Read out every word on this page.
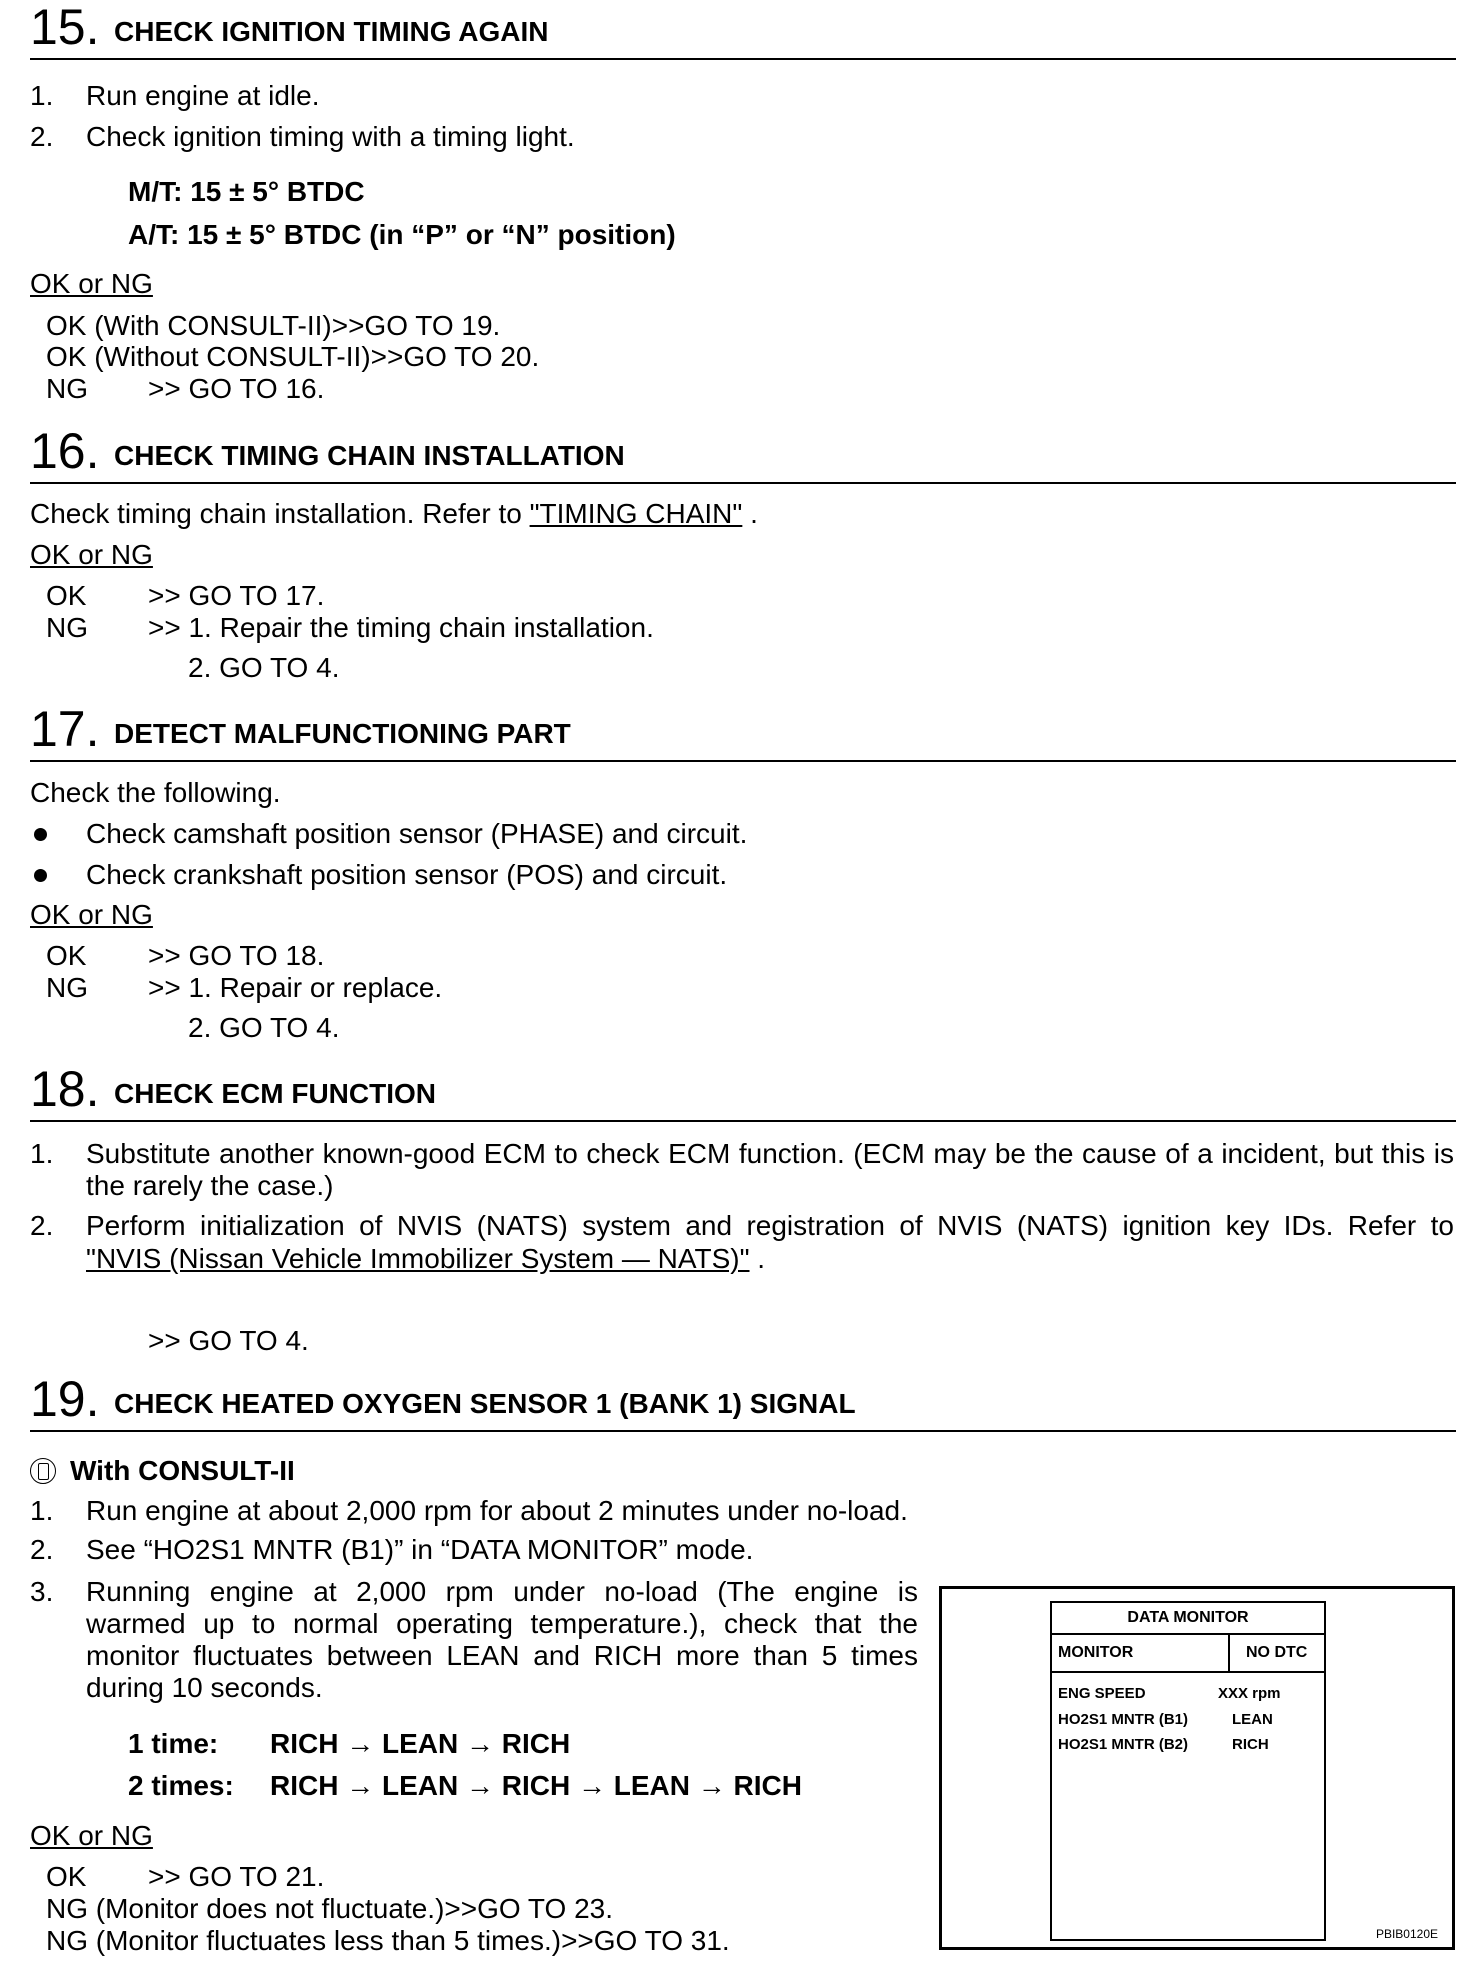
15. CHECK IGNITION TIMING AGAIN
1. Run engine at idle.
2. Check ignition timing with a timing light.
M/T: 15 ± 5° BTDC
A/T: 15 ± 5° BTDC (in “P” or “N” position)
OK or NG
OK (With CONSULT-II)>>GO TO 19.
OK (Without CONSULT-II)>>GO TO 20.
NG >> GO TO 16.
16. CHECK TIMING CHAIN INSTALLATION
Check timing chain installation. Refer to "TIMING CHAIN" .
OK or NG
OK >> GO TO 17.
NG >> 1. Repair the timing chain installation.
2. GO TO 4.
17. DETECT MALFUNCTIONING PART
Check the following.
Check camshaft position sensor (PHASE) and circuit.
Check crankshaft position sensor (POS) and circuit.
OK or NG
OK >> GO TO 18.
NG >> 1. Repair or replace.
2. GO TO 4.
18. CHECK ECM FUNCTION
1. Substitute another known-good ECM to check ECM function. (ECM may be the cause of a incident, but this is the rarely the case.)
2. Perform initialization of NVIS (NATS) system and registration of NVIS (NATS) ignition key IDs. Refer to
"NVIS (Nissan Vehicle Immobilizer System — NATS)" .
>> GO TO 4.
19. CHECK HEATED OXYGEN SENSOR 1 (BANK 1) SIGNAL
With CONSULT-II
1. Run engine at about 2,000 rpm for about 2 minutes under no-load.
2. See “HO2S1 MNTR (B1)” in “DATA MONITOR” mode.
3. Running engine at 2,000 rpm under no-load (The engine is warmed up to normal operating temperature.), check that the monitor fluctuates between LEAN and RICH more than 5 times during 10 seconds.
1 time: RICH → LEAN → RICH
2 times: RICH → LEAN → RICH → LEAN → RICH
OK or NG
OK >> GO TO 21.
NG (Monitor does not fluctuate.)>>GO TO 23.
NG (Monitor fluctuates less than 5 times.)>>GO TO 31.
DATA MONITOR
MONITOR	NO DTC
ENG SPEED	XXX rpm
HO2S1 MNTR (B1)	LEAN
HO2S1 MNTR (B2)	RICH
PBIB0120E
